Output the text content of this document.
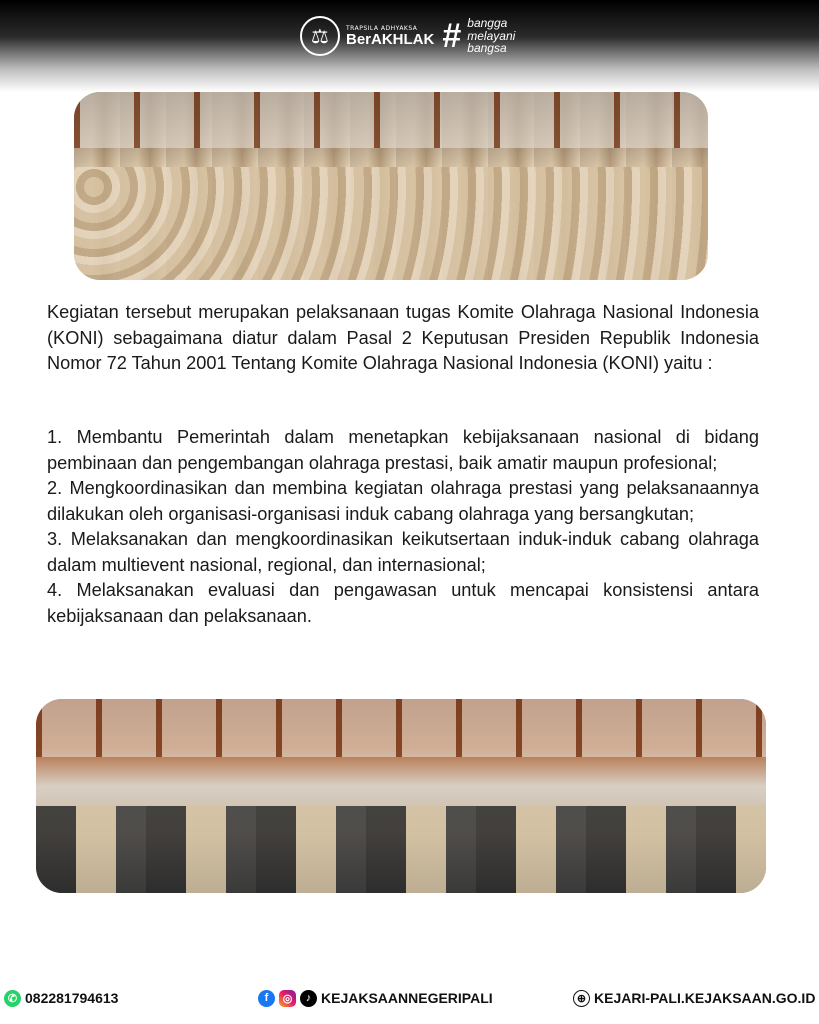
⚖	TRAPSILA ADHYAKSA
BerAKHLAK # bangga
melayani
bangsa
Kegiatan tersebut merupakan pelaksanaan tugas Komite Olahraga Nasional Indonesia (KONI) sebagaimana diatur dalam Pasal 2 Keputusan Presiden Republik Indonesia Nomor 72 Tahun 2001 Tentang Komite Olahraga Nasional Indonesia (KONI) yaitu :

1. Membantu Pemerintah dalam menetapkan kebijaksanaan nasional di bidang pembinaan dan pengembangan olahraga prestasi, baik amatir maupun profesional;

2. Mengkoordinasikan dan membina kegiatan olahraga prestasi yang pelaksanaannya dilakukan oleh organisasi-organisasi induk cabang olahraga yang bersangkutan;

3. Melaksanakan dan mengkoordinasikan keikutsertaan induk-induk cabang olahraga dalam multievent nasional, regional, dan internasional;

4. Melaksanakan evaluasi dan pengawasan untuk mencapai konsistensi antara kebijaksanaan dan pelaksanaan.

✆ 082281794613	f	◎	♪ KEJAKSAANNEGERIPALI	⊕ KEJARI-PALI.KEJAKSAAN.GO.ID
